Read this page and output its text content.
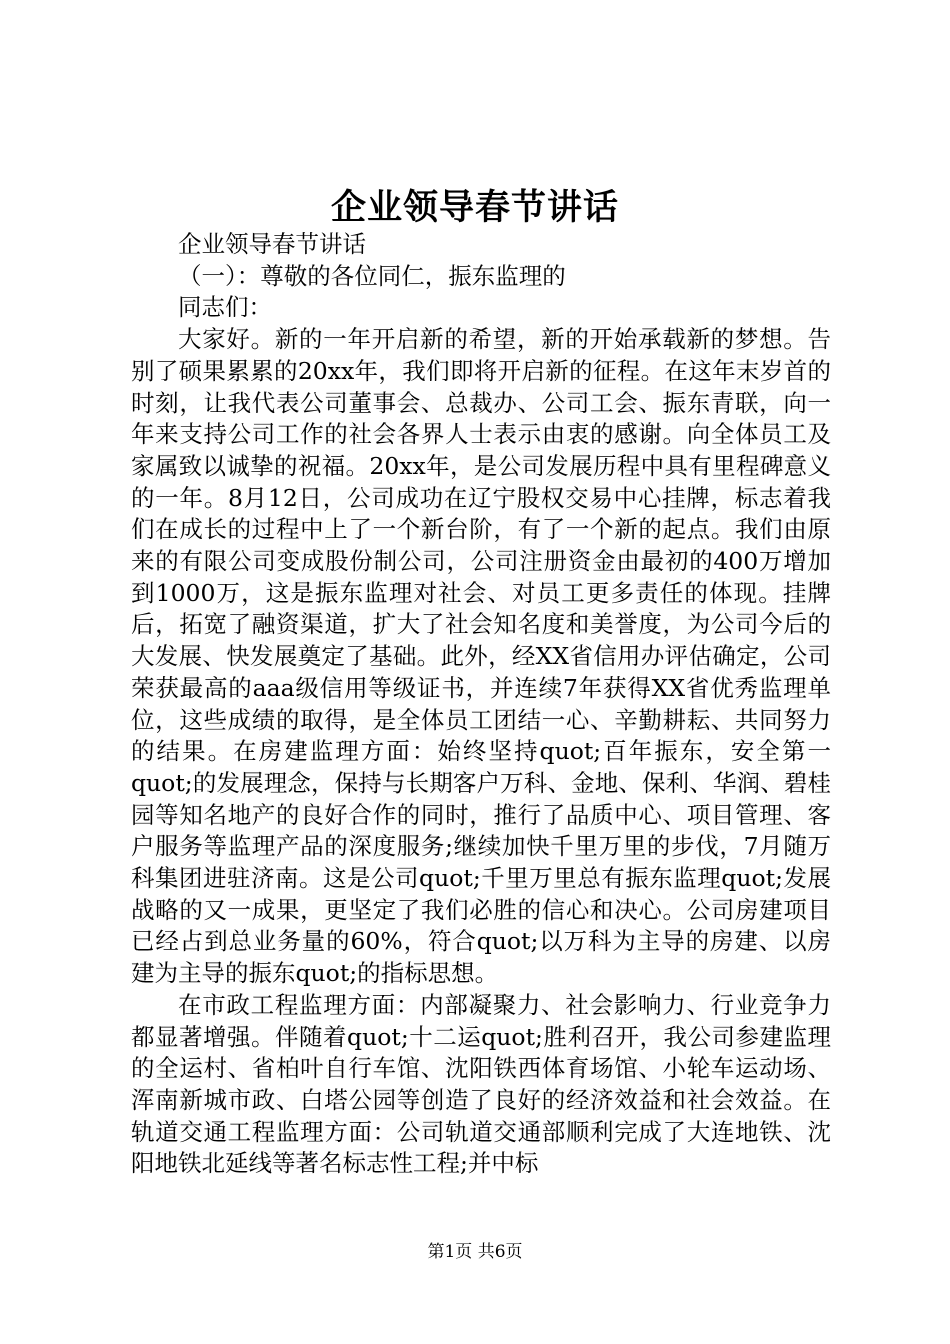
企业领导春节讲话

企业领导春节讲话

（一）：尊敬的各位同仁，振东监理的

同志们：

大家好。新的一年开启新的希望，新的开始承载新的梦想。告别了硕果累累的20xx年，我们即将开启新的征程。在这年末岁首的时刻，让我代表公司董事会、总裁办、公司工会、振东青联，向一年来支持公司工作的社会各界人士表示由衷的感谢。向全体员工及家属致以诚挚的祝福。20xx年，是公司发展历程中具有里程碑意义的一年。8月12日，公司成功在辽宁股权交易中心挂牌，标志着我们在成长的过程中上了一个新台阶，有了一个新的起点。我们由原来的有限公司变成股份制公司，公司注册资金由最初的400万增加到1000万，这是振东监理对社会、对员工更多责任的体现。挂牌后，拓宽了融资渠道，扩大了社会知名度和美誉度，为公司今后的大发展、快发展奠定了基础。此外，经XX省信用办评估确定，公司荣获最高的aaa级信用等级证书，并连续7年获得XX省优秀监理单位，这些成绩的取得，是全体员工团结一心、辛勤耕耘、共同努力的结果。在房建监理方面：始终坚持quot;百年振东，安全第一quot;的发展理念，保持与长期客户万科、金地、保利、华润、碧桂园等知名地产的良好合作的同时，推行了品质中心、项目管理、客户服务等监理产品的深度服务;继续加快千里万里的步伐，7月随万科集团进驻济南。这是公司quot;千里万里总有振东监理quot;发展战略的又一成果，更坚定了我们必胜的信心和决心。公司房建项目已经占到总业务量的60%，符合quot;以万科为主导的房建、以房建为主导的振东quot;的指标思想。

在市政工程监理方面：内部凝聚力、社会影响力、行业竞争力都显著增强。伴随着quot;十二运quot;胜利召开，我公司参建监理的全运村、省柏叶自行车馆、沈阳铁西体育场馆、小轮车运动场、浑南新城市政、白塔公园等创造了良好的经济效益和社会效益。在轨道交通工程监理方面：公司轨道交通部顺利完成了大连地铁、沈阳地铁北延线等著名标志性工程;并中标

第1页 共6页
